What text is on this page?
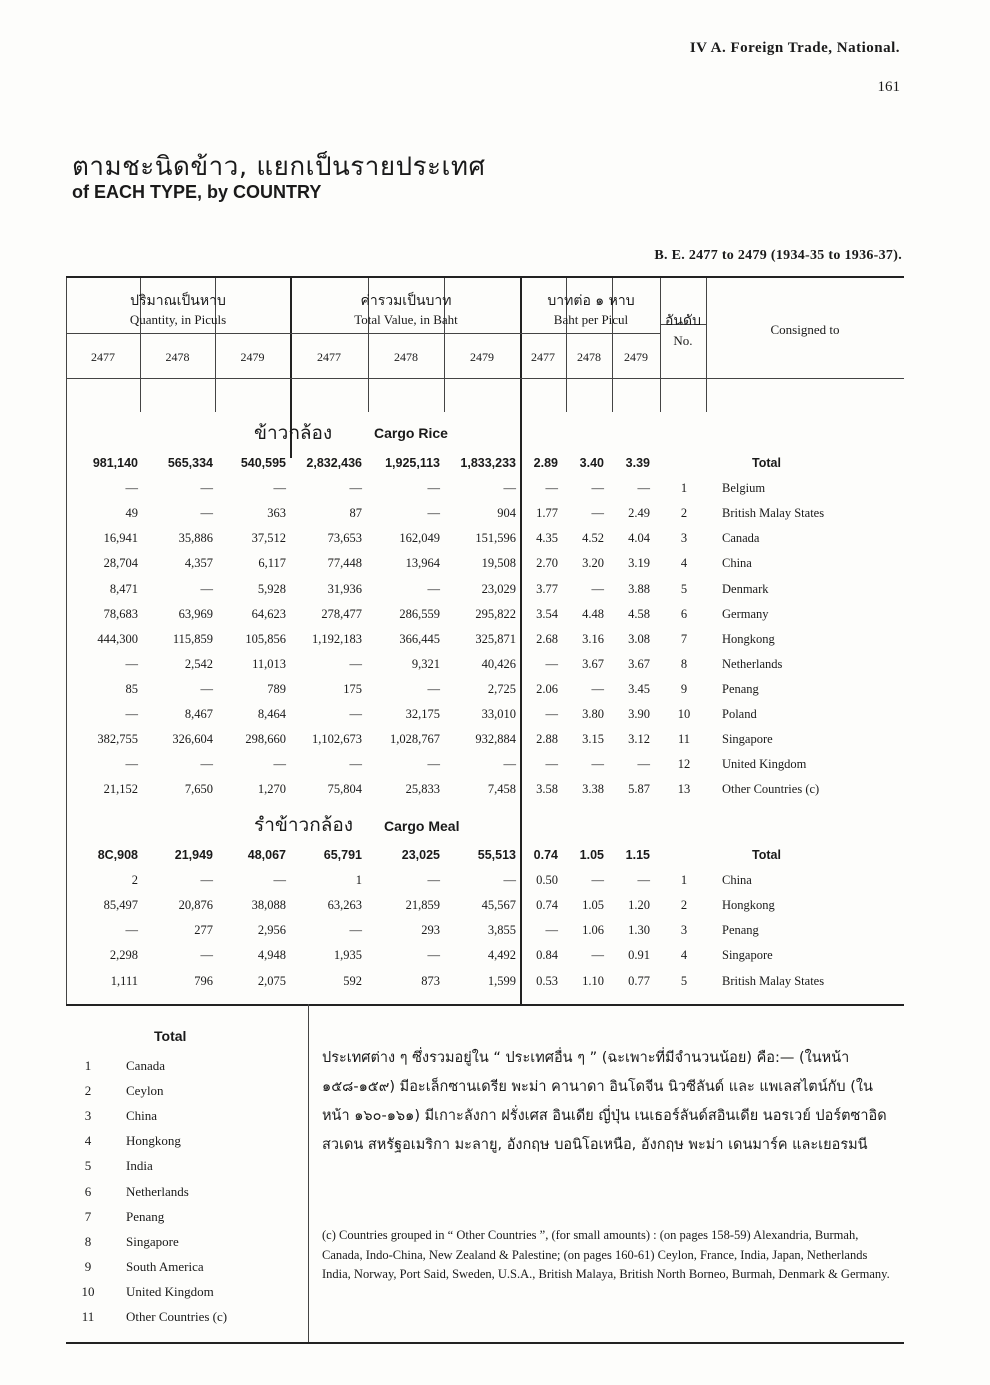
IV A. Foreign Trade, National.
161
ตามชะนิดข้าว, แยกเป็นรายประเทศ
of EACH TYPE, by COUNTRY
B. E. 2477 to 2479 (1934-35 to 1936-37).
ปริมาณเป็นหาบ
Quantity, in Piculs
ค่ารวมเป็นบาท
Total Value, in Baht
บาทต่อ ๑ หาบ
Baht per Picul	อันดับ
No.
Consigned to
2477	2478	2479	2477	2478	2479	2477	2478	2479
ข้าวกล้อง	Cargo Rice
รำข้าวกล้อง Cargo Meal
981,140 565,334 540,595 2,832,436 1,925,113 1,833,233 2.89 3.40 3.39	Total
—	—	—	—	—	— —	—	—	1	Belgium
49	—	363	87	—	904 1.77	— 2.49	2	British Malay States
16,941	35,886	37,512	73,653	162,049	151,596 4.35 4.52 4.04	3	Canada
28,704	4,357	6,117	77,448	13,964	19,508 2.70 3.20 3.19	4	China
8,471	—	5,928	31,936	—	23,029 3.77	— 3.88	5	Denmark
78,683	63,969	64,623	278,477	286,559	295,822 3.54 4.48 4.58	6	Germany
444,300	115,859	105,856 1,192,183	366,445	325,871 2.68 3.16 3.08	7	Hongkong
—	2,542	11,013	—	9,321	40,426 — 3.67 3.67	8	Netherlands
85	—	789	175	—	2,725 2.06	— 3.45	9	Penang
—	8,467	8,464	—	32,175	33,010 — 3.80 3.90	10	Poland
382,755	326,604	298,660 1,102,673 1,028,767	932,884 2.88 3.15 3.12	11	Singapore
—	—	—	—	—	— —	—	—	12	United Kingdom
21,152	7,650	1,270	75,804	25,833	7,458 3.58 3.38 5.87	13	Other Countries (c)
8C,908	21,949	48,067	65,791	23,025	55,513 0.74 1.05 1.15	Total
2	—	—	1	—	— 0.50	—	—	1	China
85,497	20,876	38,088	63,263	21,859	45,567 0.74 1.05 1.20	2	Hongkong
—	277	2,956	—	293	3,855 — 1.06 1.30	3	Penang
2,298	—	4,948	1,935	—	4,492 0.84	— 0.91	4	Singapore
1,111	796	2,075	592	873	1,599 0.53 1.10 0.77	5	British Malay States
Total
1	Canada
2	Ceylon
3	China
4	Hongkong
5	India
6	Netherlands
7	Penang
8	Singapore
9	South America
10 United Kingdom
11 Other Countries (c)
ประเทศต่าง ๆ ซึ่งรวมอยู่ใน “ ประเทศอื่น ๆ ” (ฉะเพาะที่มีจำนวนน้อย) คือ:— (ในหน้า ๑๕๘-๑๕๙) มีอะเล็กซานเดรีย พะม่า คานาดา อินโดจีน นิวซีลันด์ และ แพเลสไตน์กับ (ในหน้า ๑๖๐-๑๖๑) มีเกาะลังกา ฝรั่งเศส อินเดีย ญี่ปุ่น เนเธอร์ลันด์สอินเดีย นอรเวย์ ปอร์ตซาอิด สวเดน สหรัฐอเมริกา มะลายู, อังกฤษ บอนิโอเหนือ, อังกฤษ พะม่า เดนมาร์ค และเยอรมนี
(c) Countries grouped in “ Other Countries ”, (for small amounts) : (on pages 158-59) Alexandria, Burmah, Canada, Indo-China, New Zealand & Palestine; (on pages 160-61) Ceylon, France, India, Japan, Netherlands India, Norway, Port Said, Sweden, U.S.A., British Malaya, British North Borneo, Burmah, Denmark & Germany.
